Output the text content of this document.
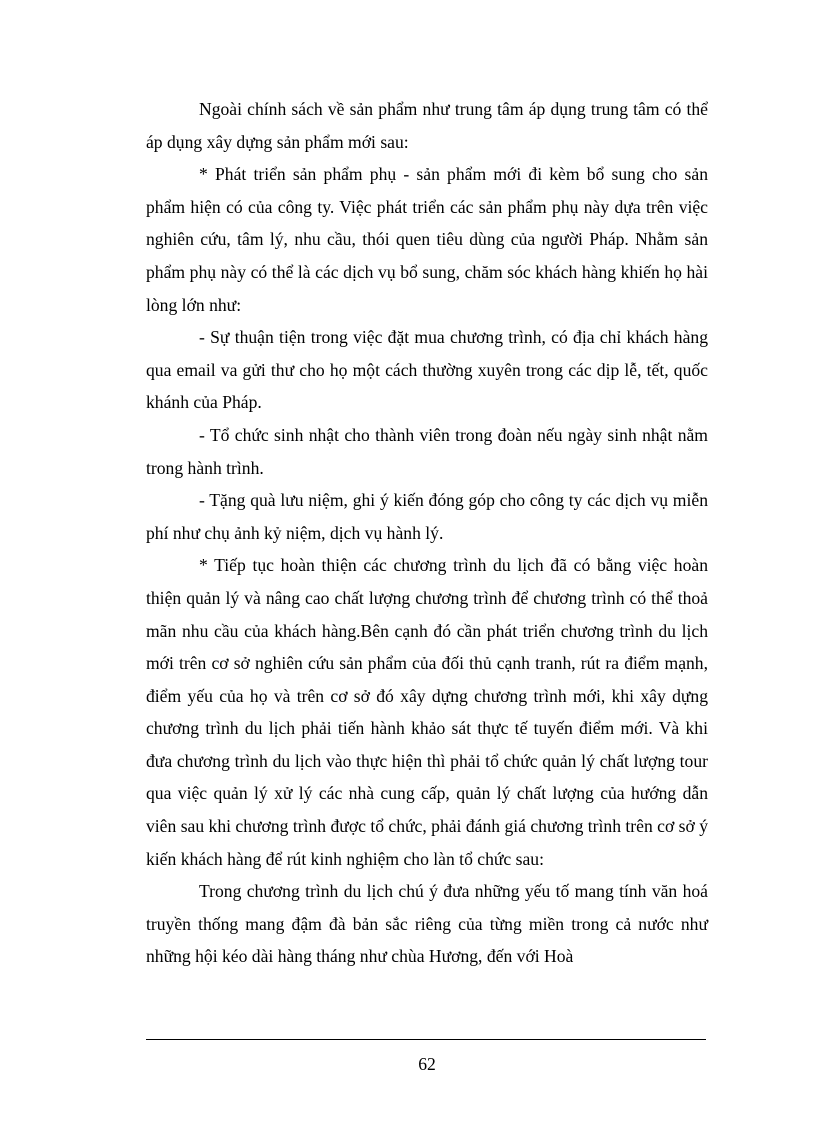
Ngoài chính sách về sản phẩm như trung tâm áp dụng trung tâm có thể áp dụng xây dựng sản phẩm mới sau:

* Phát triển sản phẩm phụ - sản phẩm mới đi kèm bổ sung cho sản phẩm hiện có của công ty. Việc phát triển các sản phẩm phụ này dựa trên việc nghiên cứu, tâm lý, nhu cầu, thói quen tiêu dùng của người Pháp. Nhằm sản phẩm phụ này có thể là các dịch vụ bổ sung, chăm sóc khách hàng khiến họ hài lòng lớn như:

- Sự thuận tiện trong việc đặt mua chương trình, có địa chỉ khách hàng qua email va gửi thư cho họ một cách thường xuyên trong các dịp lễ, tết, quốc khánh của Pháp.

- Tổ chức sinh nhật cho thành viên trong đoàn nếu ngày sinh nhật nằm trong hành trình.

- Tặng quà lưu niệm, ghi ý kiến đóng góp cho công ty các dịch vụ miễn phí như chụ ảnh kỷ niệm, dịch vụ hành lý.

* Tiếp tục hoàn thiện các chương trình du lịch đã có bằng việc hoàn thiện quản lý và nâng cao chất lượng chương trình để chương trình có thể thoả mãn nhu cầu của khách hàng.Bên cạnh đó cần phát triển chương trình du lịch mới trên cơ sở nghiên cứu sản phẩm của đối thủ cạnh tranh, rút ra điểm mạnh, điểm yếu của họ và trên cơ sở đó xây dựng chương trình mới, khi xây dựng chương trình du lịch phải tiến hành khảo sát thực tế tuyến điểm mới. Và khi đưa chương trình du lịch vào thực hiện thì phải tổ chức quản lý chất lượng tour qua việc quản lý xử lý các nhà cung cấp, quản lý chất lượng của hướng dẫn viên sau khi chương trình được tổ chức, phải đánh giá chương trình trên cơ sở ý kiến khách hàng để rút kinh nghiệm cho làn tổ chức sau:

Trong chương trình du lịch chú ý đưa những yếu tố mang tính văn hoá truyền thống mang đậm đà bản sắc riêng của từng miền trong cả nước như những hội kéo dài hàng tháng như chùa Hương, đến với Hoà

62
